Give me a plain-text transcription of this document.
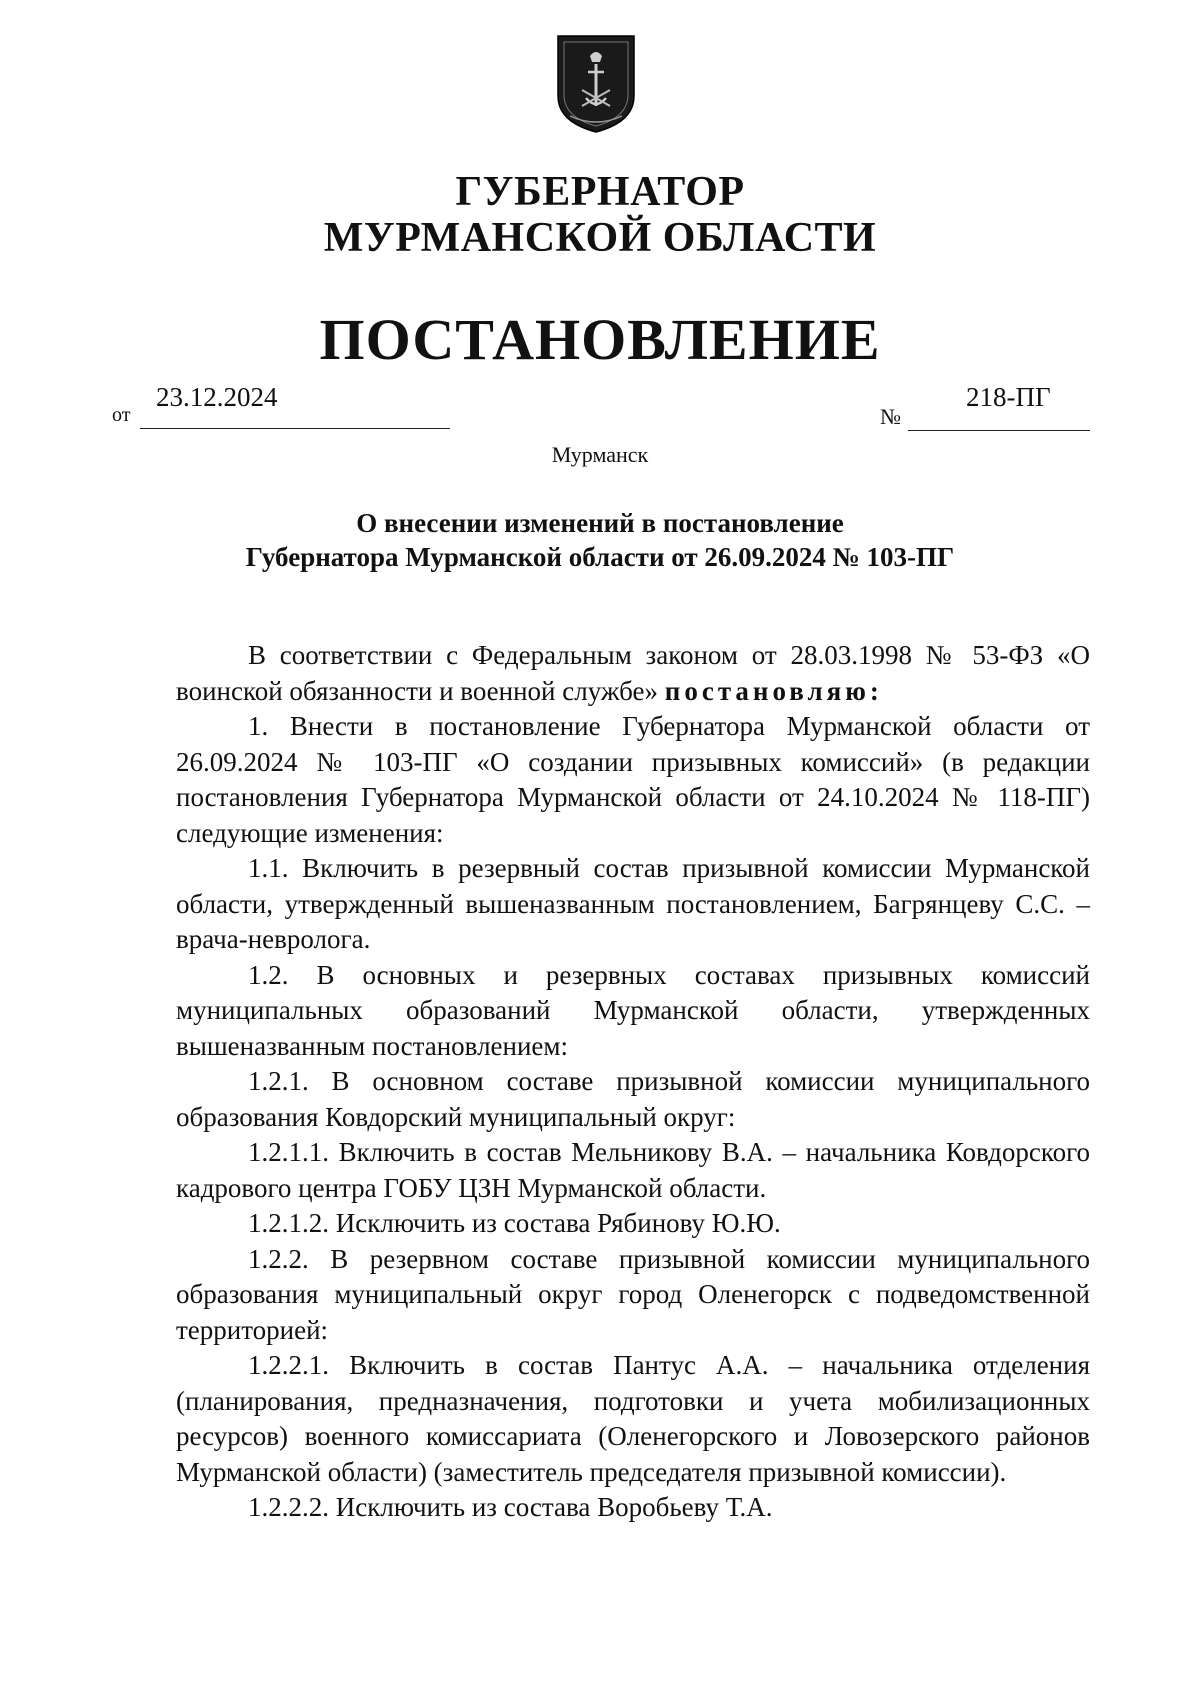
ГУБЕРНАТОР
МУРМАНСКОЙ ОБЛАСТИ
ПОСТАНОВЛЕНИЕ
от
23.12.2024
№
218-ПГ
Мурманск
О внесении изменений в постановление
Губернатора Мурманской области от 26.09.2024 № 103-ПГ

В соответствии с Федеральным законом от 28.03.1998 № 53-ФЗ «О воинской обязанности и военной службе» постановляю:

1. Внести в постановление Губернатора Мурманской области от 26.09.2024 № 103-ПГ «О создании призывных комиссий» (в редакции постановления Губернатора Мурманской области от 24.10.2024 № 118-ПГ) следующие изменения:

1.1. Включить в резервный состав призывной комиссии Мурманской области, утвержденный вышеназванным постановлением, Багрянцеву С.С. – врача-невролога.

1.2. В основных и резервных составах призывных комиссий муниципальных образований Мурманской области, утвержденных вышеназванным постановлением:

1.2.1. В основном составе призывной комиссии муниципального образования Ковдорский муниципальный округ:

1.2.1.1. Включить в состав Мельникову В.А. – начальника Ковдорского кадрового центра ГОБУ ЦЗН Мурманской области.

1.2.1.2. Исключить из состава Рябинову Ю.Ю.

1.2.2. В резервном составе призывной комиссии муниципального образования муниципальный округ город Оленегорск с подведомственной территорией:

1.2.2.1. Включить в состав Пантус А.А. – начальника отделения (планирования, предназначения, подготовки и учета мобилизационных ресурсов) военного комиссариата (Оленегорского и Ловозерского районов Мурманской области) (заместитель председателя призывной комиссии).

1.2.2.2. Исключить из состава Воробьеву Т.А.
